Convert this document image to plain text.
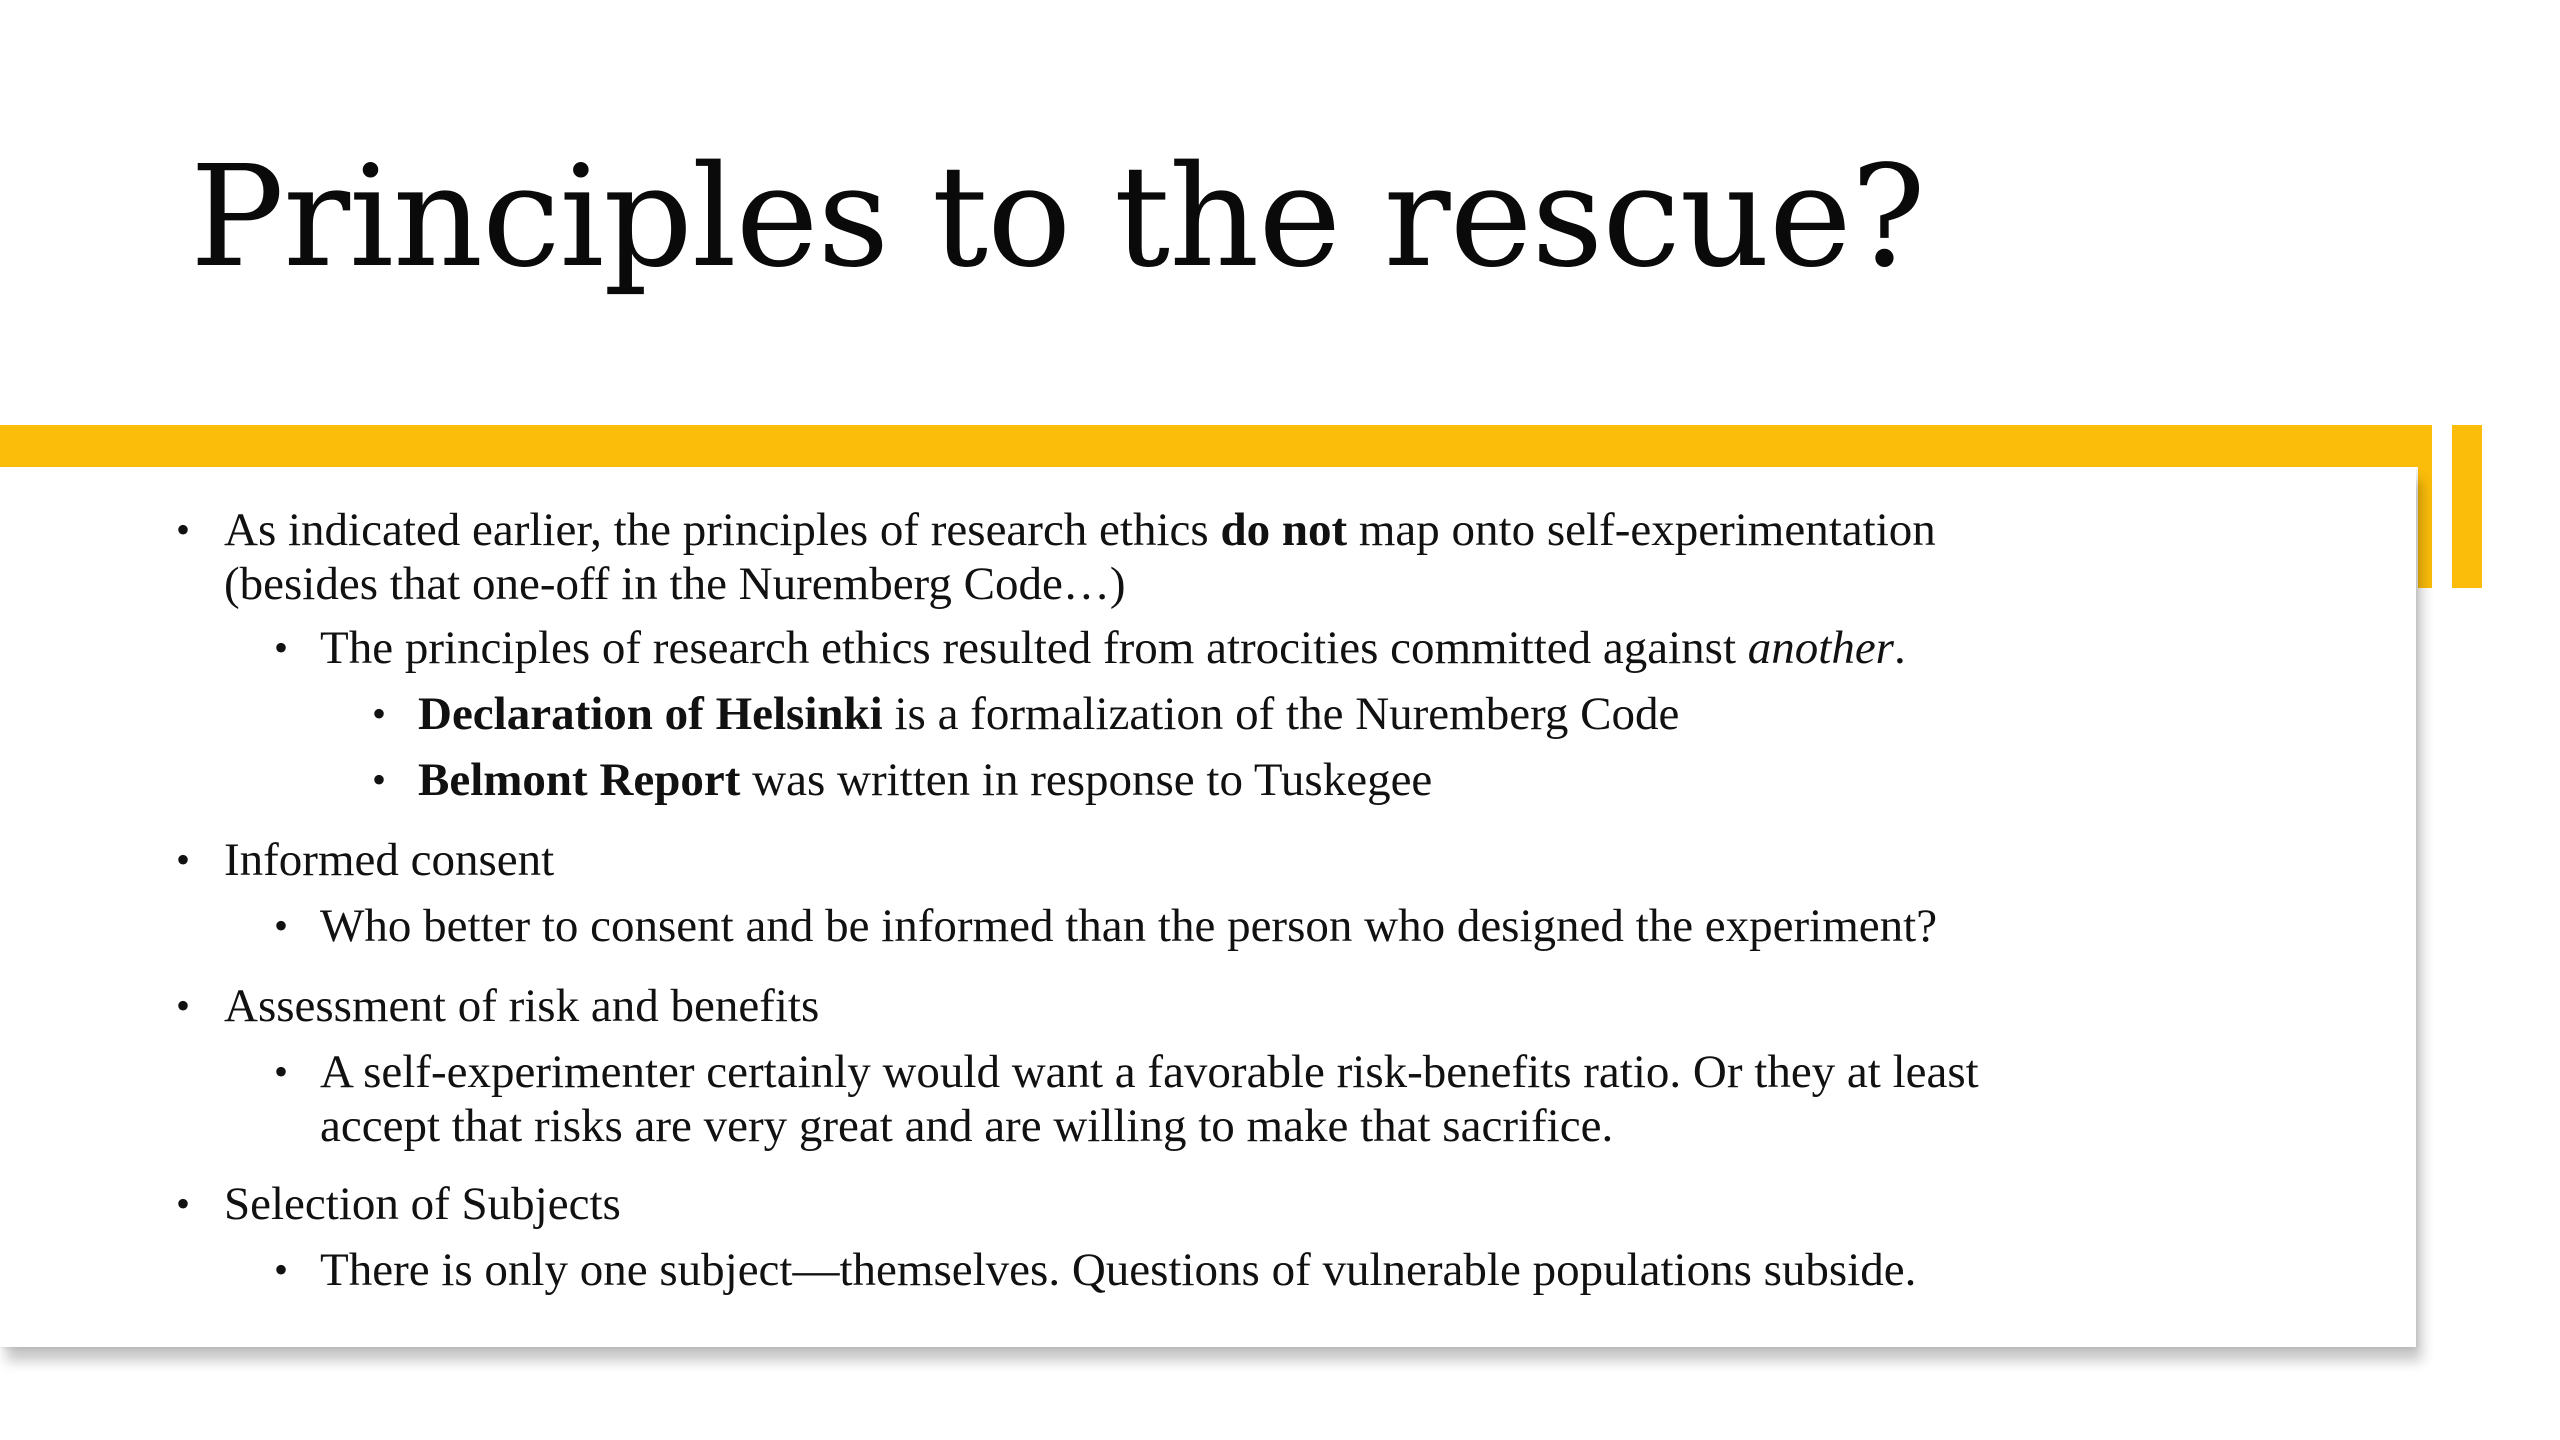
Principles to the rescue?
• As indicated earlier, the principles of research ethics do not map onto self-experimentation
(besides that one-off in the Nuremberg Code…)
• The principles of research ethics resulted from atrocities committed against another.
• Declaration of Helsinki is a formalization of the Nuremberg Code
• Belmont Report was written in response to Tuskegee
• Informed consent
• Who better to consent and be informed than the person who designed the experiment?
• Assessment of risk and benefits
• A self-experimenter certainly would want a favorable risk-benefits ratio. Or they at least
accept that risks are very great and are willing to make that sacrifice.
• Selection of Subjects
• There is only one subject—themselves. Questions of vulnerable populations subside.
